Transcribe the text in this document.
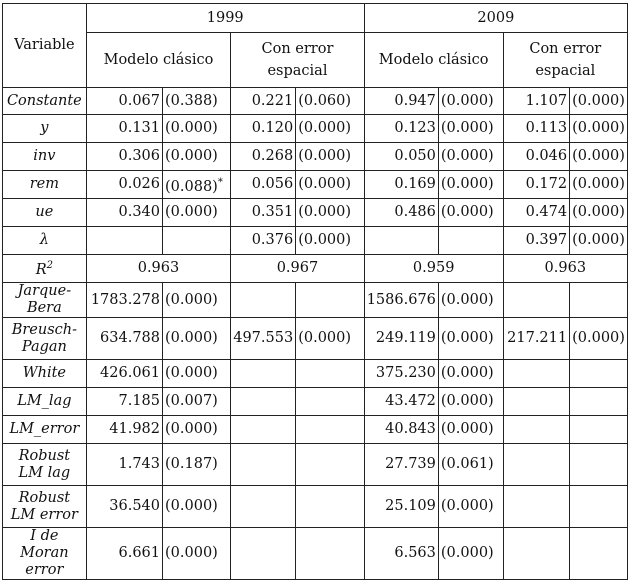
Variable	1999				2009			
	Modelo clásico		Con error espacial		Modelo clásico		Con error espacial	
Constante	0.067	(0.388)	0.221	(0.060)	0.947	(0.000)	1.107	(0.000)
y	0.131	(0.000)	0.120	(0.000)	0.123	(0.000)	0.113	(0.000)
inv	0.306	(0.000)	0.268	(0.000)	0.050	(0.000)	0.046	(0.000)
rem	0.026	(0.088)*	0.056	(0.000)	0.169	(0.000)	0.172	(0.000)
ue	0.340	(0.000)	0.351	(0.000)	0.486	(0.000)	0.474	(0.000)
λ			0.376	(0.000)			0.397	(0.000)
$R^2$	0.963		0.967		0.959		0.963	
Jarque-Bera	1783.278	(0.000)			1586.676	(0.000)		
Breusch-Pagan	634.788	(0.000)	497.553	(0.000)	249.119	(0.000)	217.211	(0.000)
White	426.061	(0.000)			375.230	(0.000)		
LM_lag	7.185	(0.007)			43.472	(0.000)		
LM_error	41.982	(0.000)			40.843	(0.000)		
Robust LM lag	1.743	(0.187)			27.739	(0.061)		
Robust LM error	36.540	(0.000)			25.109	(0.000)		
I de Moran error	6.661	(0.000)			6.563	(0.000)		
